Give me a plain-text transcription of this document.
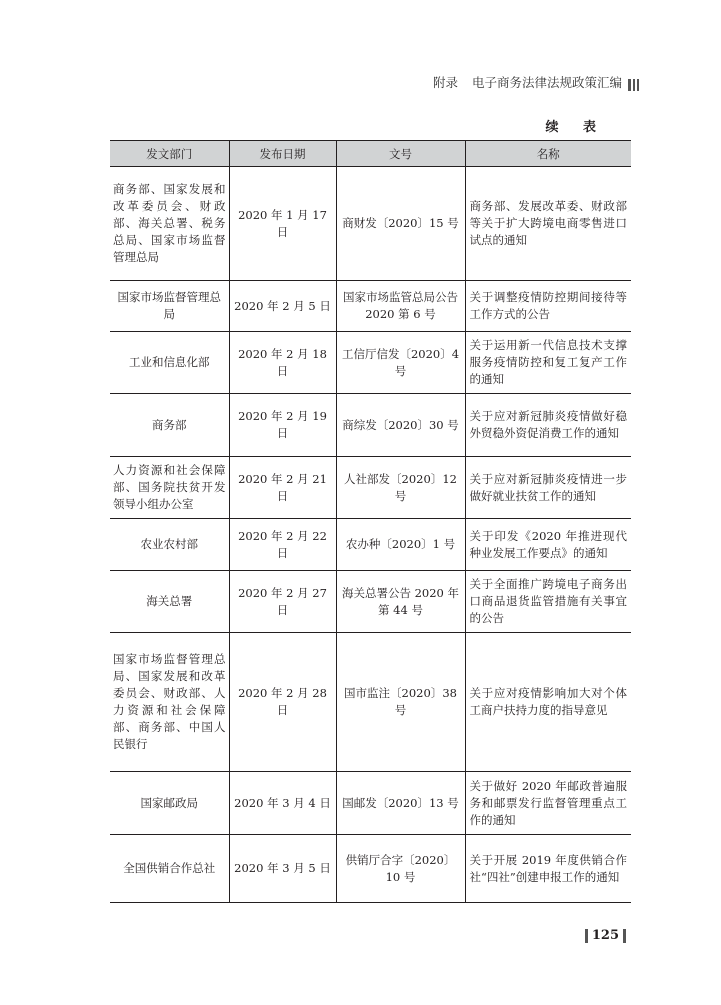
附录 电子商务法律法规政策汇编
续 表
发文部门	发布日期	文号	名称
商务部、国家发展和改革委员会、财政部、海关总署、税务总局、国家市场监督管理总局	2020 年 1 月 17 日	商财发〔2020〕15 号	商务部、发展改革委、财政部等关于扩大跨境电商零售进口试点的通知
国家市场监督管理总局	2020 年 2 月 5 日	国家市场监管总局公告 2020 第 6 号	关于调整疫情防控期间接待等工作方式的公告
工业和信息化部	2020 年 2 月 18 日	工信厅信发〔2020〕4 号	关于运用新一代信息技术支撑服务疫情防控和复工复产工作的通知
商务部	2020 年 2 月 19 日	商综发〔2020〕30 号	关于应对新冠肺炎疫情做好稳外贸稳外资促消费工作的通知
人力资源和社会保障部、国务院扶贫开发领导小组办公室	2020 年 2 月 21 日	人社部发〔2020〕12 号	关于应对新冠肺炎疫情进一步做好就业扶贫工作的通知
农业农村部	2020 年 2 月 22 日	农办种〔2020〕1 号	关于印发《2020 年推进现代种业发展工作要点》的通知
海关总署	2020 年 2 月 27 日	海关总署公告 2020 年第 44 号	关于全面推广跨境电子商务出口商品退货监管措施有关事宜的公告
国家市场监督管理总局、国家发展和改革委员会、财政部、人力资源和社会保障部、商务部、中国人民银行	2020 年 2 月 28 日	国市监注〔2020〕38 号	关于应对疫情影响加大对个体工商户扶持力度的指导意见
国家邮政局	2020 年 3 月 4 日	国邮发〔2020〕13 号	关于做好 2020 年邮政普遍服务和邮票发行监督管理重点工作的通知
全国供销合作总社	2020 年 3 月 5 日	供销厅合字〔2020〕10 号	关于开展 2019 年度供销合作社“四社”创建申报工作的通知
125
